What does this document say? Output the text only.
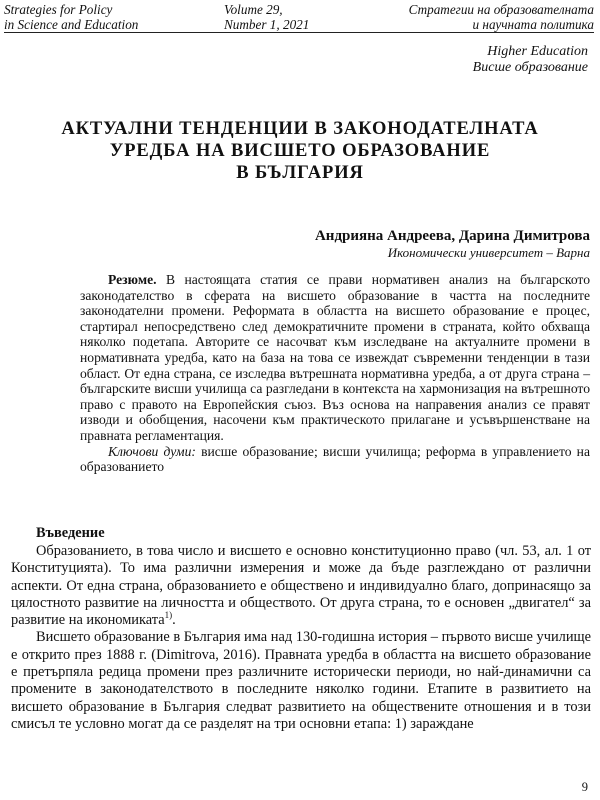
Strategies for Policy
in Science and Education
Volume 29,
Number 1, 2021
Стратегии на образователната
и научната политика
Higher Education
Висше образование
АКТУАЛНИ ТЕНДЕНЦИИ В ЗАКОНОДАТЕЛНАТА
УРЕДБА НА ВИСШЕТО ОБРАЗОВАНИЕ
В БЪЛГАРИЯ
Андрияна Андреева, Дарина Димитрова
Икономически университет – Варна

Резюме. В настоящата статия се прави нормативен анализ на българското законодателство в сферата на висшето образование в частта на последните законодателни промени. Реформата в областта на висшето образование е процес, стартирал непосредствено след демократичните промени в страната, който обхваща няколко подетапа. Авторите се насочват към изследване на актуалните промени в нормативната уредба, като на база на това се извеждат съвременни тенденции в тази област. От една страна, се изследва вътрешната нормативна уредба, а от друга страна – българските висши училища са разгледани в контекста на хармонизация на вътрешното право с правото на Европейския съюз. Въз основа на направения анализ се правят изводи и обобщения, насочени към практическото прилагане и усъвършенстване на правната регламентация.

Ключови думи: висше образование; висши училища; реформа в управлението на образованието

Въведение

Образованието, в това число и висшето е основно конституционно право (чл. 53, ал. 1 от Конституцията). То има различни измерения и може да бъде разглеждано от различни аспекти. От една страна, образованието е обществено и индивидуално благо, допринасящо за цялостното развитие на личността и обществото. От друга страна, то е основен „двигател“ за развитие на икономиката$^{1)}$.

Висшето образование в България има над 130-годишна история – първото висше училище е открито през 1888 г. (Dimitrova, 2016). Правната уредба в областта на висшето образование е претърпяла редица промени през различните исторически периоди, но най-динамични са промените в законодателството в последните няколко години. Етапите в развитието на висшето образование в България следват развитието на обществените отношения и в този смисъл те условно могат да се разделят на три основни етапа: 1) зараждане

9
